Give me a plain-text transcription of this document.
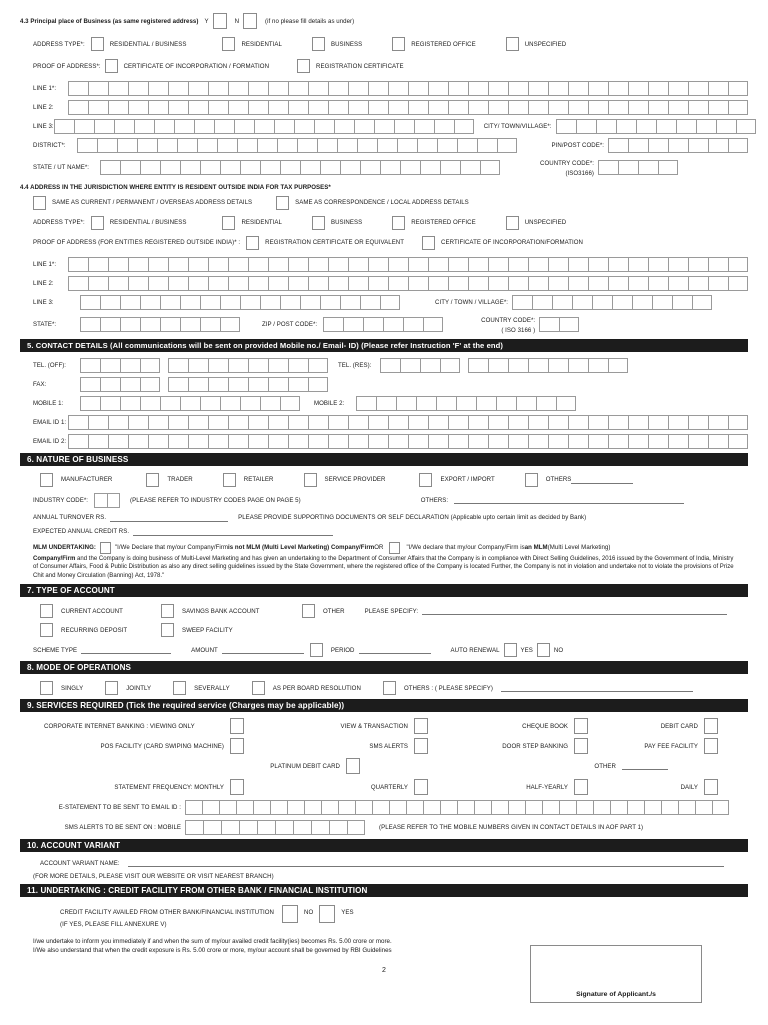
4.3 Principal place of Business (as same registered address) Y	N	(if no please fill details as under)
ADDRESS TYPE*:	RESIDENTIAL / BUSINESS	RESIDENTIAL	BUSINESS	REGISTERED OFFICE	UNSPECIFIED
PROOF OF ADDRESS*:	CERTIFICATE OF INCORPORATION / FORMATION	REGISTRATION CERTIFICATE
LINE 1*:
LINE 2:
LINE 3:	CITY/ TOWN/VILLAGE*:
DISTRICT*:	PIN/POST CODE*:
STATE / UT NAME*:
COUNTRY CODE*:
(ISO3166)
4.4 ADDRESS IN THE JURISDICTION WHERE ENTITY IS RESIDENT OUTSIDE INDIA FOR TAX PURPOSES*
SAME AS CURRENT / PERMANENT / OVERSEAS ADDRESS DETAILS	SAME AS CORRESPONDENCE / LOCAL ADDRESS DETAILS
ADDRESS TYPE*:	RESIDENTIAL / BUSINESS	RESIDENTIAL	BUSINESS	REGISTERED OFFICE	UNSPECIFIED
PROOF OF ADDRESS (FOR ENTITIES REGISTERED OUTSIDE INDIA)* :	REGISTRATION CERTIFICATE OR EQUIVALENT	CERTIFICATE OF INCORPORATION/FORMATION
LINE 1*:
LINE 2:
LINE 3:	CITY / TOWN / VILLAGE*:
STATE*:	ZIP / POST CODE*:
COUNTRY CODE*:
( ISO 3166 )
5. CONTACT DETAILS (All communications will be sent on provided Mobile no./ Email- ID) (Please refer Instruction 'F' at the end)
TEL. (OFF):	TEL. (RES):
FAX:
MOBILE 1:	MOBILE 2:
EMAIL ID 1:
EMAIL ID 2:
6. NATURE OF BUSINESS
MANUFACTURER	TRADER	RETAILER	SERVICE PROVIDER	EXPORT / IMPORT	OTHERS
INDUSTRY CODE*:	(PLEASE REFER TO INDUSTRY CODES PAGE ON PAGE 5)	OTHERS:
ANNUAL TURNOVER RS.	PLEASE PROVIDE SUPPORTING DOCUMENTS OR SELF DECLARATION (Applicable upto certain limit as decided by Bank)
EXPECTED ANNUAL CREDIT RS.
MLM UNDERTAKING:	"I/We Declare that my/our Company/Firm is not MLM (Multi Level Marketing) Company/Firm OR	"I/We declare that my/our Company/Firm is an MLM (Multi Level Marketing)

Company/Firm and the Company is doing business of Multi-Level Marketing and has given an undertaking to the Department of Consumer Affairs that the Company is in compliance with Direct Selling Guidelines, 2016 issued by the Government of India, Ministry of Consumer Affairs, Food & Public Distribution as also any direct selling guidelines issued by the State Government, where the registered office of the Company is located Further, the Company is not in violation and undertake not to violate the provisions of Prize Chit and Money Circulation (Banning) Act, 1978."

7. TYPE OF ACCOUNT
CURRENT ACCOUNT	SAVINGS BANK ACCOUNT	OTHER	PLEASE SPECIFY:
RECURRING DEPOSIT	SWEEP FACILITY
SCHEME TYPE	AMOUNT	PERIOD	AUTO RENEWAL	YES	NO
8. MODE OF OPERATIONS
SINGLY	JOINTLY	SEVERALLY	AS PER BOARD RESOLUTION	OTHERS : ( PLEASE SPECIFY)
9. SERVICES REQUIRED (Tick the required service (Charges may be applicable))
CORPORATE INTERNET BANKING : VIEWING ONLY	VIEW & TRANSACTION	CHEQUE BOOK	DEBIT CARD
POS FACILITY (CARD SWIPING MACHINE)	SMS ALERTS	DOOR STEP BANKING	PAY FEE FACILITY
PLATINUM DEBIT CARD	OTHER
STATEMENT FREQUENCY: MONTHLY	QUARTERLY	HALF-YEARLY	DAILY
E-STATEMENT TO BE SENT TO EMAIL ID :
SMS ALERTS TO BE SENT ON : MOBILE	(PLEASE REFER TO THE MOBILE NUMBERS GIVEN IN CONTACT DETAILS IN AOF PART 1)
10. ACCOUNT VARIANT
ACCOUNT VARIANT NAME:
(FOR MORE DETAILS, PLEASE VISIT OUR WEBSITE OR VISIT NEAREST BRANCH)
11. UNDERTAKING : CREDIT FACILITY FROM OTHER BANK / FINANCIAL INSTITUTION
CREDIT FACILITY AVAILED FROM OTHER BANK/FINANCIAL INSTITUTION
(IF YES, PLEASE FILL ANNEXURE V)
NO	YES

I/we undertake to inform you immediately if and when the sum of my/our availed credit facility(ies) becomes Rs. 5.00 crore or more.

I/We also understand that when the credit exposure is Rs. 5.00 crore or more, my/our account shall be governed by RBI Guidelines

2
Signature of Applicant./s
